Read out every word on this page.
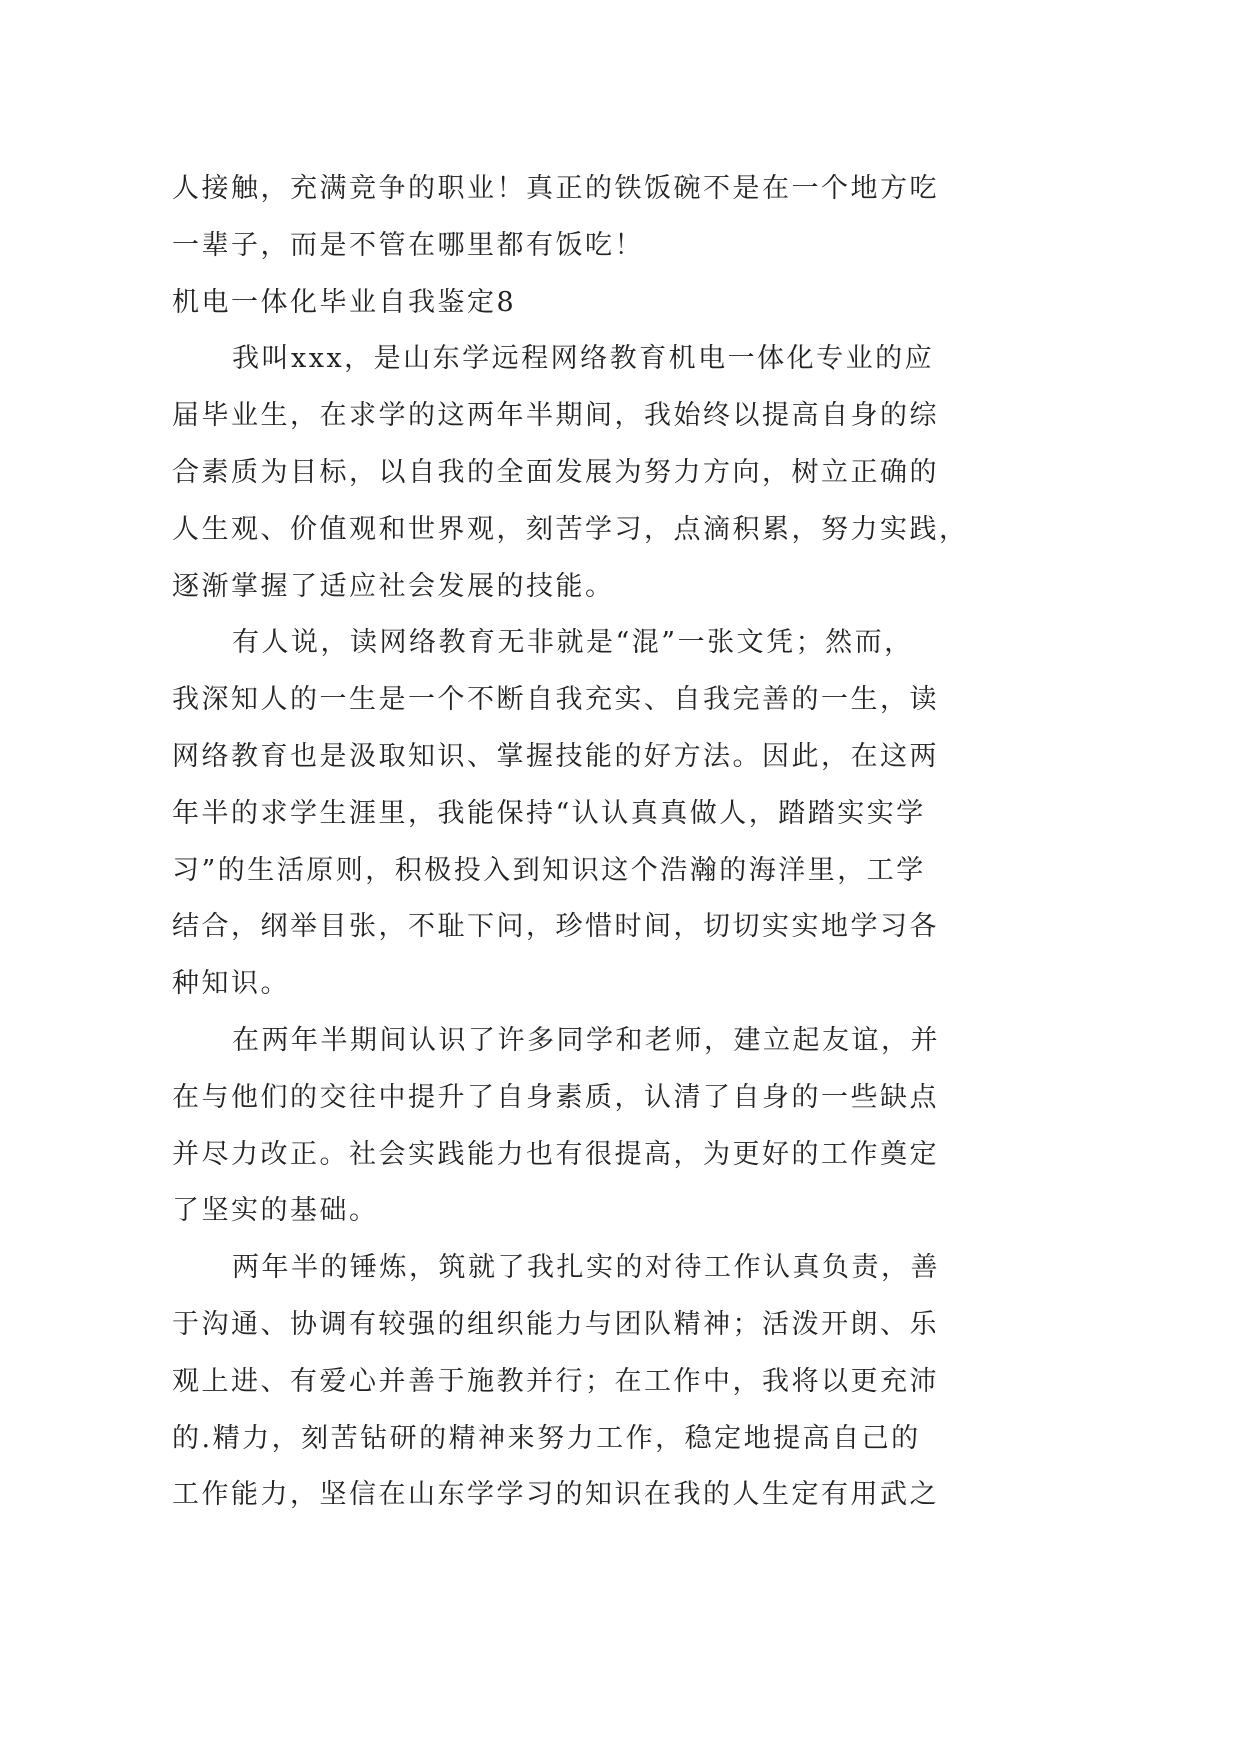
人接触，充满竞争的职业！真正的铁饭碗不是在一个地方吃
一辈子，而是不管在哪里都有饭吃！
机电一体化毕业自我鉴定8
我叫xxx，是山东学远程网络教育机电一体化专业的应
届毕业生，在求学的这两年半期间，我始终以提高自身的综
合素质为目标，以自我的全面发展为努力方向，树立正确的
人生观、价值观和世界观，刻苦学习，点滴积累，努力实践，
逐渐掌握了适应社会发展的技能。
有人说，读网络教育无非就是“混”一张文凭；然而，
我深知人的一生是一个不断自我充实、自我完善的一生，读
网络教育也是汲取知识、掌握技能的好方法。因此，在这两
年半的求学生涯里，我能保持“认认真真做人，踏踏实实学
习”的生活原则，积极投入到知识这个浩瀚的海洋里，工学
结合，纲举目张，不耻下问，珍惜时间，切切实实地学习各
种知识。
在两年半期间认识了许多同学和老师，建立起友谊，并
在与他们的交往中提升了自身素质，认清了自身的一些缺点
并尽力改正。社会实践能力也有很提高，为更好的工作奠定
了坚实的基础。
两年半的锤炼，筑就了我扎实的对待工作认真负责，善
于沟通、协调有较强的组织能力与团队精神；活泼开朗、乐
观上进、有爱心并善于施教并行；在工作中，我将以更充沛
的.精力，刻苦钻研的精神来努力工作，稳定地提高自己的
工作能力，坚信在山东学学习的知识在我的人生定有用武之
